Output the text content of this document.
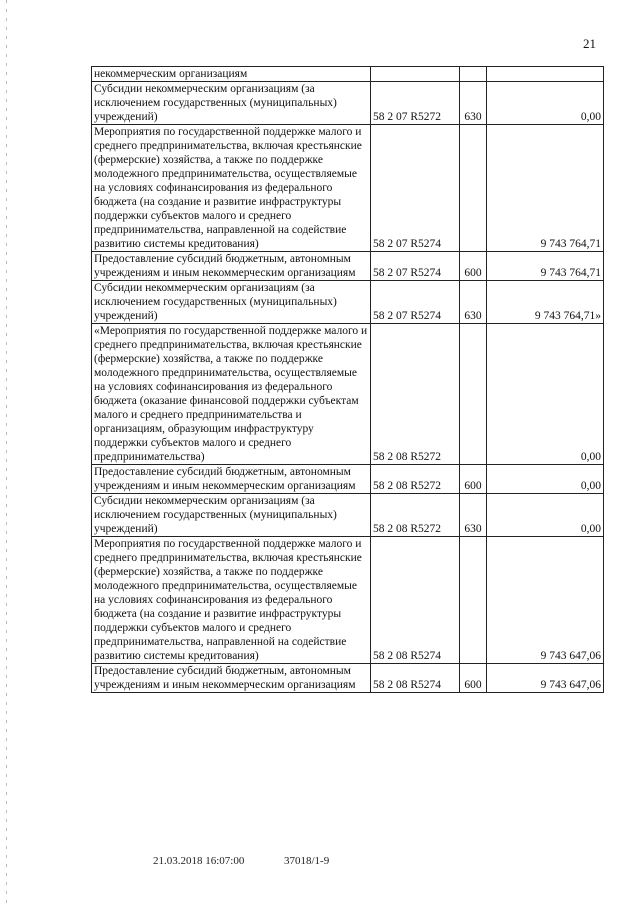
21
некоммерческим организациям			
Субсидии некоммерческим организациям (за исключением государственных (муниципальных) учреждений)	58 2 07 R5272	630	0,00
Мероприятия по государственной поддержке малого и среднего предпринимательства, включая крестьянские (фермерские) хозяйства, а также по поддержке молодежного предпринимательства, осуществляемые на условиях софинансирования из федерального бюджета (на создание и развитие инфраструктуры поддержки субъектов малого и среднего предпринимательства, направленной на содействие развитию системы кредитования)	58 2 07 R5274		9 743 764,71
Предоставление субсидий бюджетным, автономным учреждениям и иным некоммерческим организациям	58 2 07 R5274	600	9 743 764,71
Субсидии некоммерческим организациям (за исключением государственных (муниципальных) учреждений)	58 2 07 R5274	630	9 743 764,71»
«Мероприятия по государственной поддержке малого и среднего предпринимательства, включая крестьянские (фермерские) хозяйства, а также по поддержке молодежного предпринимательства, осуществляемые на условиях софинансирования из федерального бюджета (оказание финансовой поддержки субъектам малого и среднего предпринимательства и организациям, образующим инфраструктуру поддержки субъектов малого и среднего предпринимательства)	58 2 08 R5272		0,00
Предоставление субсидий бюджетным, автономным учреждениям и иным некоммерческим организациям	58 2 08 R5272	600	0,00
Субсидии некоммерческим организациям (за исключением государственных (муниципальных) учреждений)	58 2 08 R5272	630	0,00
Мероприятия по государственной поддержке малого и среднего предпринимательства, включая крестьянские (фермерские) хозяйства, а также по поддержке молодежного предпринимательства, осуществляемые на условиях софинансирования из федерального бюджета (на создание и развитие инфраструктуры поддержки субъектов малого и среднего предпринимательства, направленной на содействие развитию системы кредитования)	58 2 08 R5274		9 743 647,06
Предоставление субсидий бюджетным, автономным учреждениям и иным некоммерческим организациям	58 2 08 R5274	600	9 743 647,06
21.03.2018 16:07:00	37018/1-9
